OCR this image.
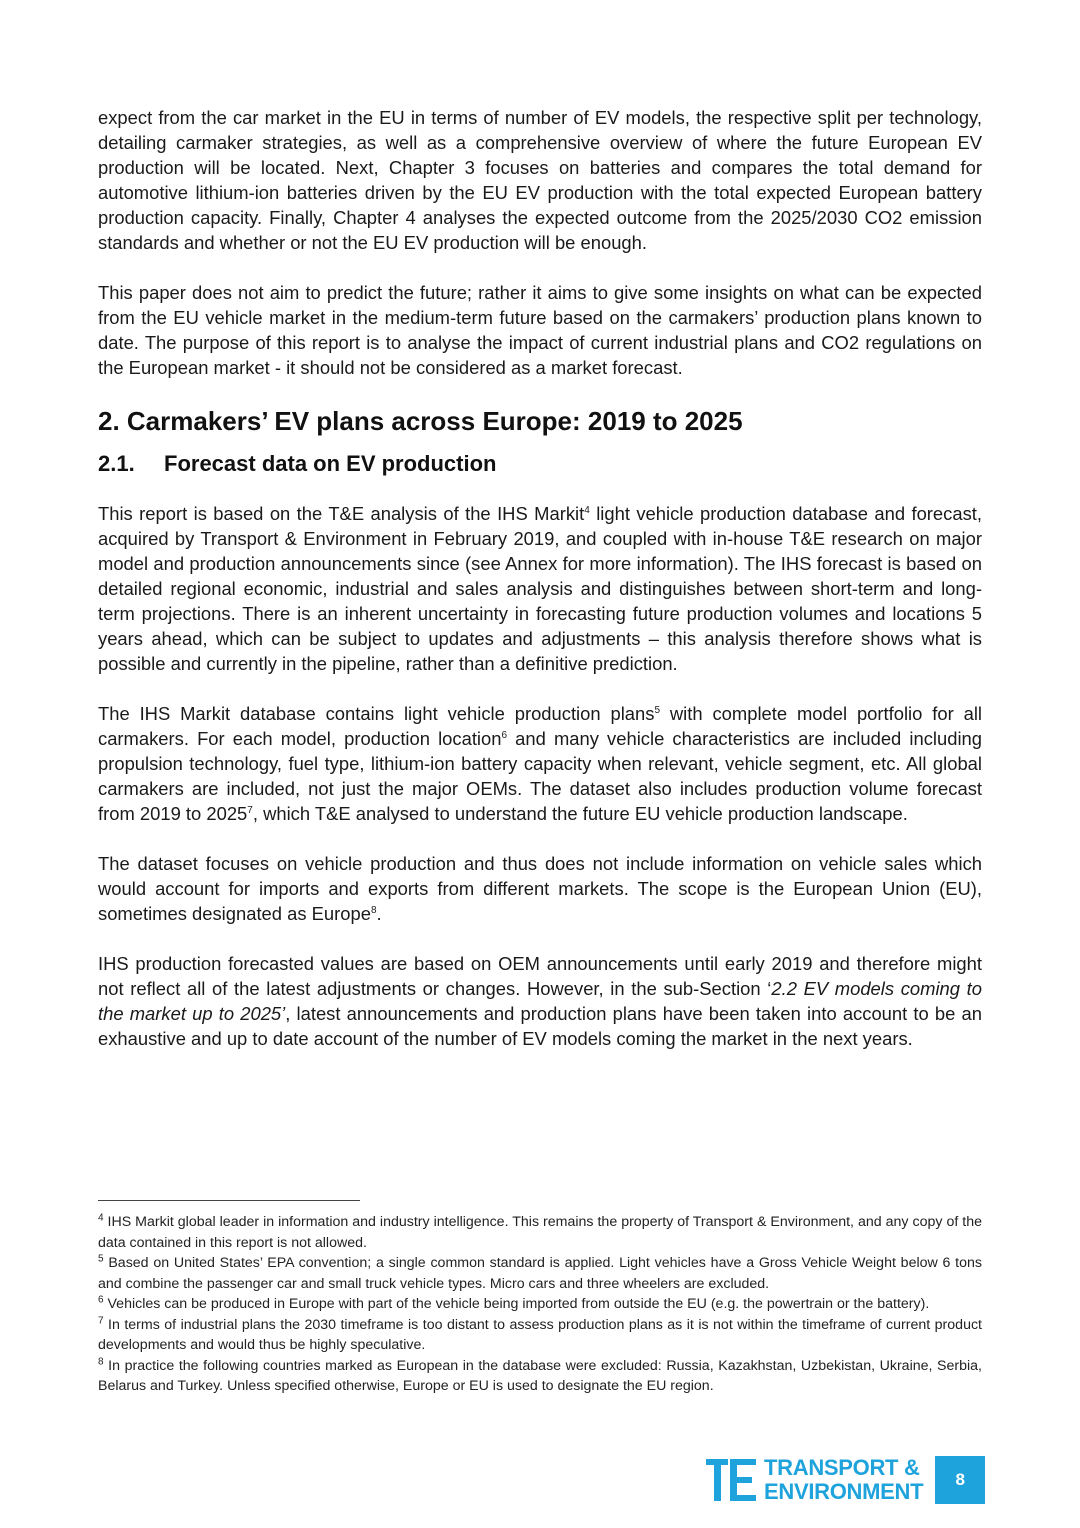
expect from the car market in the EU in terms of number of EV models, the respective split per technology, detailing carmaker strategies, as well as a comprehensive overview of where the future European EV production will be located. Next, Chapter 3 focuses on batteries and compares the total demand for automotive lithium-ion batteries driven by the EU EV production with the total expected European battery production capacity. Finally, Chapter 4 analyses the expected outcome from the 2025/2030 CO2 emission standards and whether or not the EU EV production will be enough.

This paper does not aim to predict the future; rather it aims to give some insights on what can be expected from the EU vehicle market in the medium-term future based on the carmakers’ production plans known to date. The purpose of this report is to analyse the impact of current industrial plans and CO2 regulations on the European market - it should not be considered as a market forecast.

2. Carmakers’ EV plans across Europe: 2019 to 2025
2.1. Forecast data on EV production

This report is based on the T&E analysis of the IHS Markit$^4$ light vehicle production database and forecast, acquired by Transport & Environment in February 2019, and coupled with in-house T&E research on major model and production announcements since (see Annex for more information). The IHS forecast is based on detailed regional economic, industrial and sales analysis and distinguishes between short-term and long-term projections. There is an inherent uncertainty in forecasting future production volumes and locations 5 years ahead, which can be subject to updates and adjustments – this analysis therefore shows what is possible and currently in the pipeline, rather than a definitive prediction.

The IHS Markit database contains light vehicle production plans$^5$ with complete model portfolio for all carmakers. For each model, production location$^6$ and many vehicle characteristics are included including propulsion technology, fuel type, lithium-ion battery capacity when relevant, vehicle segment, etc. All global carmakers are included, not just the major OEMs. The dataset also includes production volume forecast from 2019 to 2025$^7$, which T&E analysed to understand the future EU vehicle production landscape.

The dataset focuses on vehicle production and thus does not include information on vehicle sales which would account for imports and exports from different markets. The scope is the European Union (EU), sometimes designated as Europe$^8$.

IHS production forecasted values are based on OEM announcements until early 2019 and therefore might not reflect all of the latest adjustments or changes. However, in the sub-Section ‘2.2 EV models coming to the market up to 2025’, latest announcements and production plans have been taken into account to be an exhaustive and up to date account of the number of EV models coming the market in the next years.

$^4$ IHS Markit global leader in information and industry intelligence. This remains the property of Transport & Environment, and any copy of the data contained in this report is not allowed.

$^5$ Based on United States’ EPA convention; a single common standard is applied. Light vehicles have a Gross Vehicle Weight below 6 tons and combine the passenger car and small truck vehicle types. Micro cars and three wheelers are excluded.

$^6$ Vehicles can be produced in Europe with part of the vehicle being imported from outside the EU (e.g. the powertrain or the battery).

$^7$ In terms of industrial plans the 2030 timeframe is too distant to assess production plans as it is not within the timeframe of current product developments and would thus be highly speculative.

$^8$ In practice the following countries marked as European in the database were excluded: Russia, Kazakhstan, Uzbekistan, Ukraine, Serbia, Belarus and Turkey. Unless specified otherwise, Europe or EU is used to designate the EU region.

TRANSPORT &
ENVIRONMENT	8
